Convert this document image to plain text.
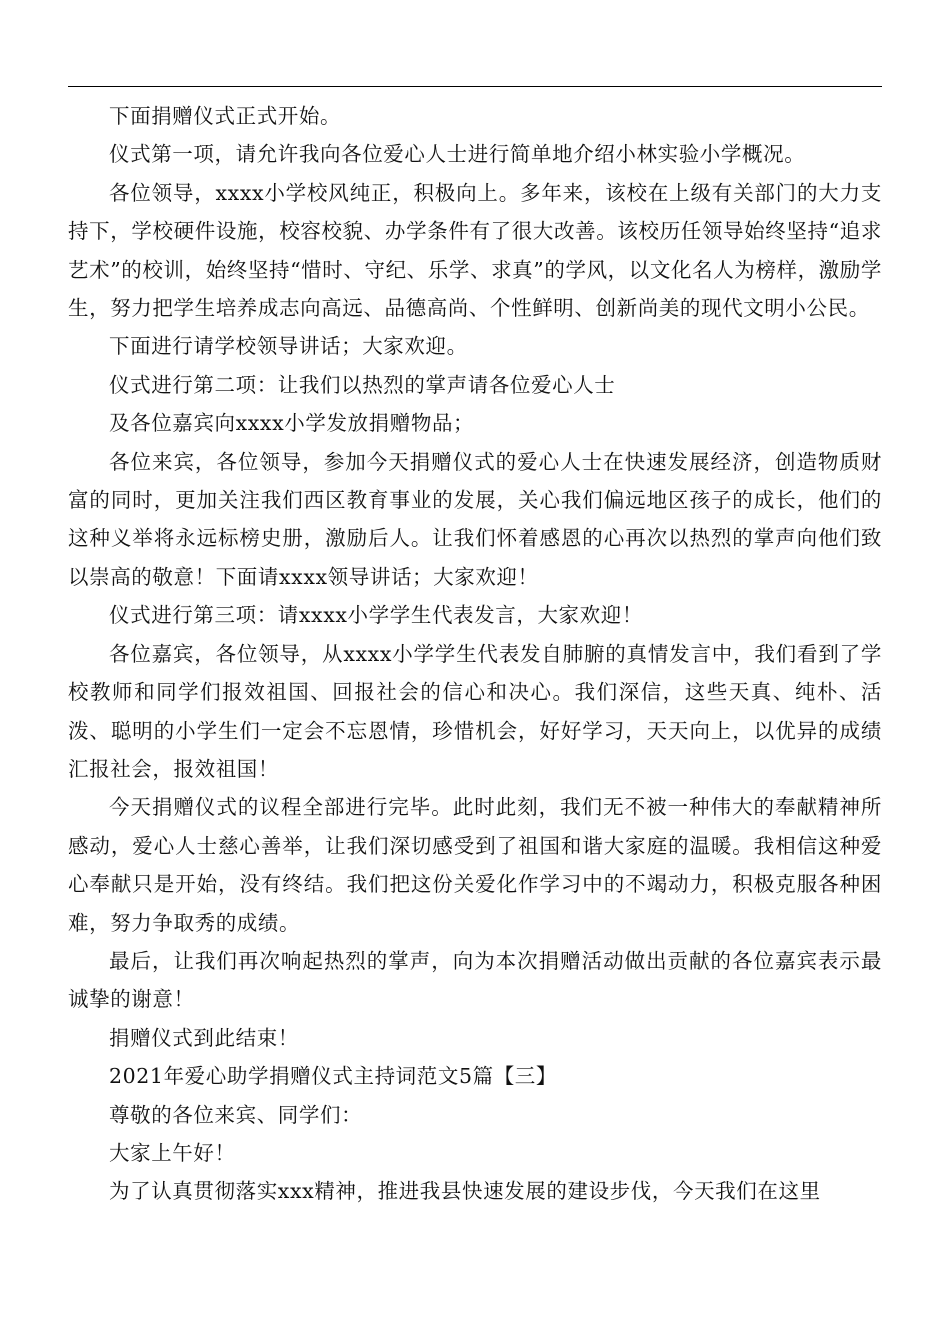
下面捐赠仪式正式开始。

仪式第一项，请允许我向各位爱心人士进行简单地介绍小林实验小学概况。

各位领导，xxxx小学校风纯正，积极向上。多年来，该校在上级有关部门的大力支持下，学校硬件设施，校容校貌、办学条件有了很大改善。该校历任领导始终坚持“追求艺术”的校训，始终坚持“惜时、守纪、乐学、求真”的学风，以文化名人为榜样，激励学生，努力把学生培养成志向高远、品德高尚、个性鲜明、创新尚美的现代文明小公民。

下面进行请学校领导讲话；大家欢迎。

仪式进行第二项：让我们以热烈的掌声请各位爱心人士

及各位嘉宾向xxxx小学发放捐赠物品；

各位来宾，各位领导，参加今天捐赠仪式的爱心人士在快速发展经济，创造物质财富的同时，更加关注我们西区教育事业的发展，关心我们偏远地区孩子的成长，他们的这种义举将永远标榜史册，激励后人。让我们怀着感恩的心再次以热烈的掌声向他们致以崇高的敬意！下面请xxxx领导讲话；大家欢迎！

仪式进行第三项：请xxxx小学学生代表发言，大家欢迎！

各位嘉宾，各位领导，从xxxx小学学生代表发自肺腑的真情发言中，我们看到了学校教师和同学们报效祖国、回报社会的信心和决心。我们深信，这些天真、纯朴、活泼、聪明的小学生们一定会不忘恩情，珍惜机会，好好学习，天天向上，以优异的成绩汇报社会，报效祖国！

今天捐赠仪式的议程全部进行完毕。此时此刻，我们无不被一种伟大的奉献精神所感动，爱心人士慈心善举，让我们深切感受到了祖国和谐大家庭的温暖。我相信这种爱心奉献只是开始，没有终结。我们把这份关爱化作学习中的不竭动力，积极克服各种困难，努力争取秀的成绩。

最后，让我们再次响起热烈的掌声，向为本次捐赠活动做出贡献的各位嘉宾表示最诚挚的谢意！

捐赠仪式到此结束！

2021年爱心助学捐赠仪式主持词范文5篇【三】

尊敬的各位来宾、同学们：

大家上午好！

为了认真贯彻落实xxx精神，推进我县快速发展的建设步伐，今天我们在这里
